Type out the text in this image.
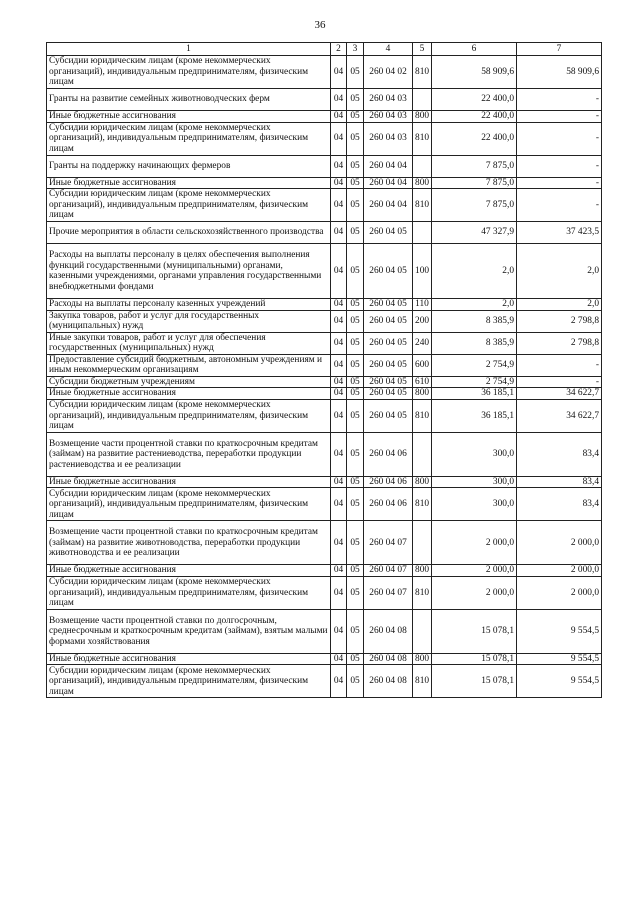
36
1	2	3	4	5	6	7
Субсидии юридическим лицам (кроме некоммерческих организаций), индивидуальным предпринимателям, физическим лицам	04	05	260 04 02	810	58 909,6	58 909,6
Гранты на развитие семейных животноводческих ферм	04	05	260 04 03		22 400,0	-
Иные бюджетные ассигнования	04	05	260 04 03	800	22 400,0	-
Субсидии юридическим лицам (кроме некоммерческих организаций), индивидуальным предпринимателям, физическим лицам	04	05	260 04 03	810	22 400,0	-
Гранты на поддержку начинающих фермеров	04	05	260 04 04		7 875,0	-
Иные бюджетные ассигнования	04	05	260 04 04	800	7 875,0	-
Субсидии юридическим лицам (кроме некоммерческих организаций), индивидуальным предпринимателям, физическим лицам	04	05	260 04 04	810	7 875,0	-
Прочие мероприятия в области сельскохозяйственного производства	04	05	260 04 05		47 327,9	37 423,5
Расходы на выплаты персоналу в целях обеспечения выполнения функций государственными (муниципальными) органами, казенными учреждениями, органами управления государственными внебюджетными фондами	04	05	260 04 05	100	2,0	2,0
Расходы на выплаты персоналу казенных учреждений	04	05	260 04 05	110	2,0	2,0
Закупка товаров, работ и услуг для государственных (муниципальных) нужд	04	05	260 04 05	200	8 385,9	2 798,8
Иные закупки товаров, работ и услуг для обеспечения государственных (муниципальных) нужд	04	05	260 04 05	240	8 385,9	2 798,8
Предоставление субсидий бюджетным, автономным учреждениям и иным некоммерческим организациям	04	05	260 04 05	600	2 754,9	-
Субсидии бюджетным учреждениям	04	05	260 04 05	610	2 754,9	-
Иные бюджетные ассигнования	04	05	260 04 05	800	36 185,1	34 622,7
Субсидии юридическим лицам (кроме некоммерческих организаций), индивидуальным предпринимателям, физическим лицам	04	05	260 04 05	810	36 185,1	34 622,7
Возмещение части процентной ставки по краткосрочным кредитам (займам) на развитие растениеводства, переработки продукции растениеводства и ее реализации	04	05	260 04 06		300,0	83,4
Иные бюджетные ассигнования	04	05	260 04 06	800	300,0	83,4
Субсидии юридическим лицам (кроме некоммерческих организаций), индивидуальным предпринимателям, физическим лицам	04	05	260 04 06	810	300,0	83,4
Возмещение части процентной ставки по краткосрочным кредитам (займам) на развитие животноводства, переработки продукции животноводства и ее реализации	04	05	260 04 07		2 000,0	2 000,0
Иные бюджетные ассигнования	04	05	260 04 07	800	2 000,0	2 000,0
Субсидии юридическим лицам (кроме некоммерческих организаций), индивидуальным предпринимателям, физическим лицам	04	05	260 04 07	810	2 000,0	2 000,0
Возмещение части процентной ставки по долгосрочным, среднесрочным и краткосрочным кредитам (займам), взятым малыми формами хозяйствования	04	05	260 04 08		15 078,1	9 554,5
Иные бюджетные ассигнования	04	05	260 04 08	800	15 078,1	9 554,5
Субсидии юридическим лицам (кроме некоммерческих организаций), индивидуальным предпринимателям, физическим лицам	04	05	260 04 08	810	15 078,1	9 554,5
